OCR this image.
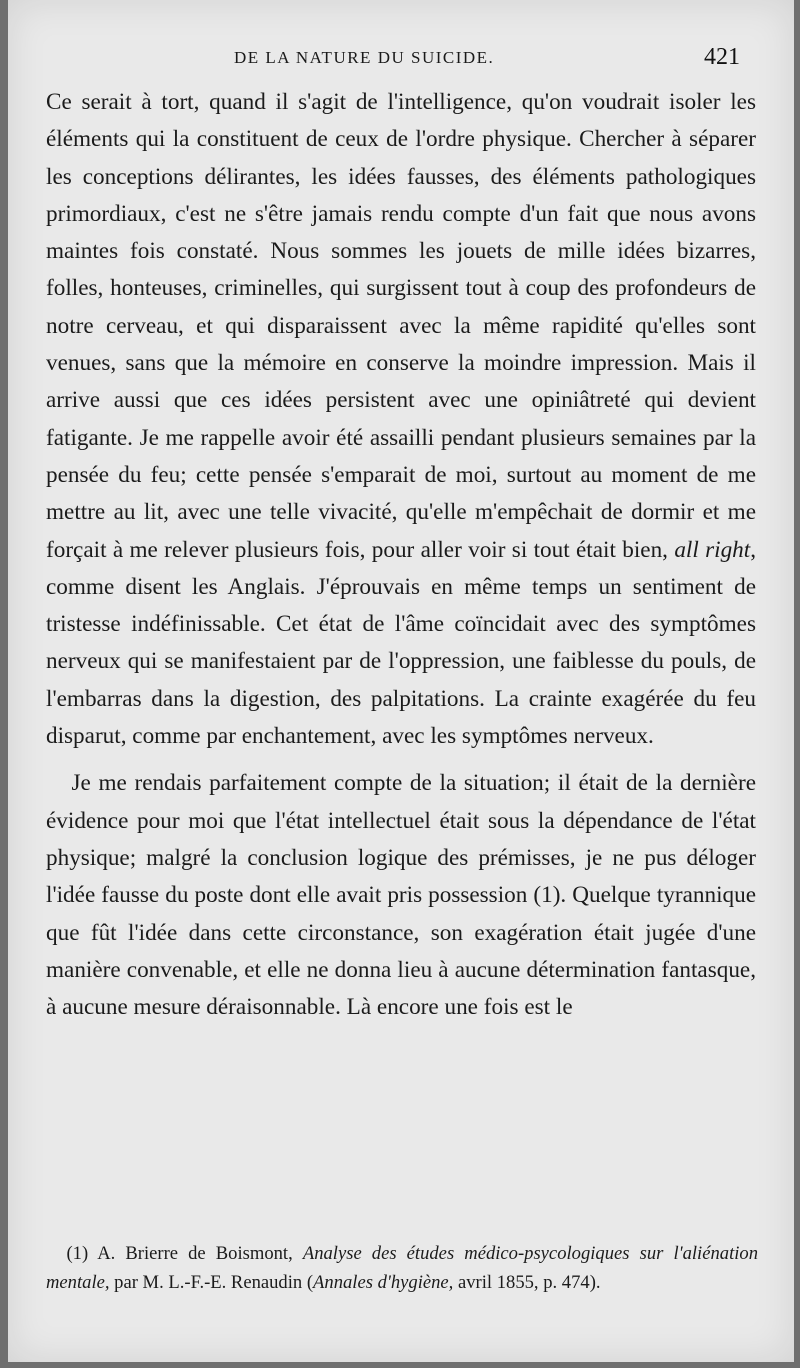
DE LA NATURE DU SUICIDE.	421

Ce serait à tort, quand il s'agit de l'intelligence, qu'on voudrait isoler les éléments qui la constituent de ceux de l'ordre physique. Chercher à séparer les conceptions délirantes, les idées fausses, des éléments pathologiques primordiaux, c'est ne s'être jamais rendu compte d'un fait que nous avons maintes fois constaté. Nous sommes les jouets de mille idées bizarres, folles, honteuses, criminelles, qui surgissent tout à coup des profondeurs de notre cerveau, et qui disparaissent avec la même rapidité qu'elles sont venues, sans que la mémoire en conserve la moindre impression. Mais il arrive aussi que ces idées persistent avec une opiniâtreté qui devient fatigante. Je me rappelle avoir été assailli pendant plusieurs semaines par la pensée du feu; cette pensée s'emparait de moi, surtout au moment de me mettre au lit, avec une telle vivacité, qu'elle m'empêchait de dormir et me forçait à me relever plusieurs fois, pour aller voir si tout était bien, all right, comme disent les Anglais. J'éprouvais en même temps un sentiment de tristesse indéfinissable. Cet état de l'âme coïncidait avec des symptômes nerveux qui se manifestaient par de l'oppression, une faiblesse du pouls, de l'embarras dans la digestion, des palpitations. La crainte exagérée du feu disparut, comme par enchantement, avec les symptômes nerveux.

Je me rendais parfaitement compte de la situation; il était de la dernière évidence pour moi que l'état intellectuel était sous la dépendance de l'état physique; malgré la conclusion logique des prémisses, je ne pus déloger l'idée fausse du poste dont elle avait pris possession (1). Quelque tyrannique que fût l'idée dans cette circonstance, son exagération était jugée d'une manière convenable, et elle ne donna lieu à aucune détermination fantasque, à aucune mesure déraisonnable. Là encore une fois est le

(1) A. Brierre de Boismont, Analyse des études médico-psycologiques sur l'aliénation mentale, par M. L.-F.-E. Renaudin (Annales d'hygiène, avril 1855, p. 474).
